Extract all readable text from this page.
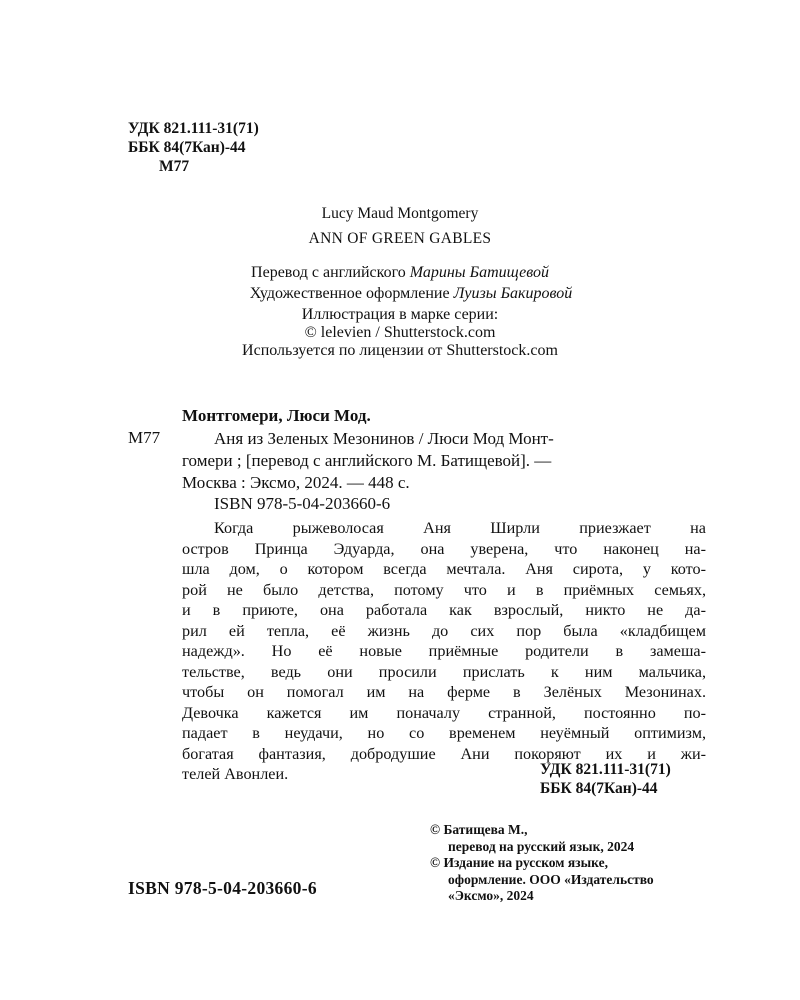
УДК 821.111-31(71)
ББК 84(7Кан)-44
М77
Lucy Maud Montgomery
ANN OF GREEN GABLES
Перевод с английского Марины Батищевой
Художественное оформление Луизы Бакировой
Иллюстрация в марке серии:
© lelevien / Shutterstock.com
Используется по лицензии от Shutterstock.com
Монтгомери, Люси Мод.
М77	Аня из Зеленых Мезонинов / Люси Мод Монт-
гомери ; [перевод с английского М. Батищевой]. —
Москва : Эксмо, 2024. — 448 с.
ISBN 978-5-04-203660-6
Когда рыжеволосая Аня Ширли приезжает на
остров Принца Эдуарда, она уверена, что наконец на-
шла дом, о котором всегда мечтала. Аня сирота, у кото-
рой не было детства, потому что и в приёмных семьях,
и в приюте, она работала как взрослый, никто не да-
рил ей тепла, её жизнь до сих пор была «кладбищем
надежд». Но её новые приёмные родители в замеша-
тельстве, ведь они просили прислать к ним мальчика,
чтобы он помогал им на ферме в Зелёных Мезонинах.
Девочка кажется им поначалу странной, постоянно по-
падает в неудачи, но со временем неуёмный оптимизм,
богатая фантазия, добродушие Ани покоряют их и жи-
телей Авонлеи.	УДК 821.111-31(71)
ББК 84(7Кан)-44
© Батищева М.,
перевод на русский язык, 2024
© Издание на русском языке,
оформление. ООО «Издательство
«Эксмо», 2024
ISBN 978-5-04-203660-6
